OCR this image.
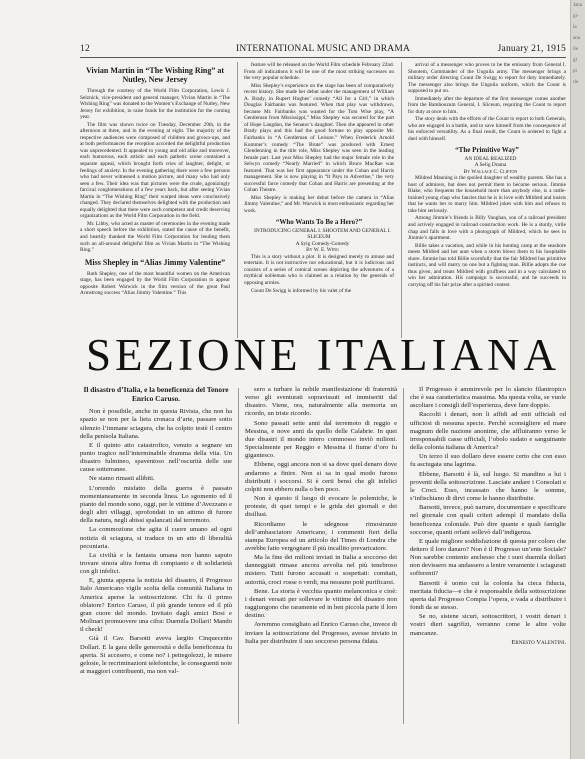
12	INTERNATIONAL MUSIC AND DRAMA	January 21, 1915
Vivian Martin in “The Wishing Ring” at Nutley, New Jersey

Through the courtesy of the World Film Corporation, Lewis J. Selznick, vice-president and general manager, Vivian Martin in “The Wishing Ring” was donated to the Women’s Exchange of Nutley, New Jersey for exhibition, to raise funds for the institution for the coming year.

The film was shown twice on Tuesday, December 29th, in the afternoon at three, and in the evening at eight. The majority of the respective audiences were composed of children and grown-ups, and at both performances the reception accorded the delightful production was unprecedented. It appealed to young and old alike and moreover, each humorous, each artistic and each pathetic scene contained a separate appeal, which brought forth cries of laughter, delight, or feelings of anxiety. In the evening gathering there were a few persons who had never witnessed a motion picture, and many who had only seen a few. Their idea was that pictures were the crude, agonizingly farcical conglomerations of a few years back, but after seeing Vivian Martin in “The Wishing Ring” their warped ideas were conclusively changed. They declared themselves delighted with the production and equally delighted that there were such competent and credit deserving organizations as the World Film Corporation in the field.

Mr. Libby, who acted as master of ceremonies in the evening made a short speech before the exhibition, stated the cause of the benefit, and heartily thanked the World Film Corporation for lending them such an all-around delightful film as Vivian Martin in “The Wishing Ring.”

Miss Shepley in “Alias Jimmy Valentine”

Ruth Shepley, one of the most beautiful women on the American stage, has been engaged by the World Film Corporation to appear opposite Robert Warwick in the film version of the great Paul Armstrong success “Alias Jimmy Valentine.” This

feature will be released on the World Film schedule February 22nd. From all indications it will be one of the most striking successes on the very popular schedule.

Miss Shepley’s experience on the stage has been of comparatively recent history. She made her debut under the management of William A. Brady, in Rupert Hughes’ comedy “All for a Girl,” in which Douglas Fairbanks was featured. When that play was withdrawn, because Mr. Fairbanks was wanted for the Tom Wise play, “A Gentleman from Mississippi,” Miss Shepley was secured for the part of Hope Langdon, the Senator’s daughter. Then she appeared in other Brady plays and this had the good fortune to play opposite Mr. Fairbanks in “A Gentleman of Leisure.” When Frederick Arnold Kummer’s comedy “The Brute” was produced with Ernest Glendenning in the title role, Miss Shepley was seen in the leading female part. Last year Miss Shepley had the major female role in the Selwyn comedy “Nearly Married” in which Bruce MacRae was featured. That was her first appearance under the Cohan and Harris management. She is now playing in “It Pays to Advertise,” the very successful farce comedy that Cohan and Harris are presenting at the Cohan Theatre.

Miss Shepley is making her debut before the camera in “Alias Jimmy Valentine,” and Mr. Warwick is most enthusiastic regarding her work.

“Who Wants To Be a Hero?”

INTRODUCING GENERAL I. SHOOTEM AND GENERAL I. SLICEUM

A Sylg Comedy-Comedy

By W. E. Wing

This is a story without a plot. It is designed merely to amuse and entertain. It is not instructive nor educational, but it is ludicrous and consists of a series of comical scenes depicting the adventures of a mythical nobleman who is claimed as a relation by the generals of opposing armies.

Count De Swigg is informed by his valet of the

arrival of a messenger who proves to be the emissary from General I. Shootem, Commander of the Unguila army. The messenger brings a military order directing Count De Swigg to report for duty immediately. The messenger also brings the Unguila uniform, which the Count is supposed to put on.

Immediately after the departure of the first messenger comes another from the Bamboozum General, I. Sliceum, requiring the Count to report for duty at once to him.

The story deals with the efforts of the Count to report to both Generals, who are engaged in a battle, and to save himself from the consequence of his enforced versatility. As a final result, the Count is ordered to fight a duel with himself.

“The Primitive Way”

AN IDEAL REALIZED

A Selig Drama

By Wallace C. Clifton

Mildred Manning is the spoiled daughter of wealthy parents. She has a host of admirers, but does not permit them to become serious. Jimmie Blake, who frequents the household more than anybody else, is a rattle-brained young chap who fancies that he is in love with Mildred and insists that he wants her to marry him. Mildred jokes with him and refuses to take him seriously.

Among Jimmie’s friends is Billy Vaughan, son of a railroad president and actively engaged in railroad construction work. He is a sturdy, virile chap and falls in love with a photograph of Mildred, which he sees in Jimmie’s apartment.

Billie takes a vacation, and while in his hunting camp at the seashore meets Mildred and her aunt when a storm blows them to his hospitable shore. Jimmie has told Billie scornfully that the fair Mildred has primitive instincts, and will marry no one but a fighting man. Billie adopts the cue thus given, and treats Mildred with gruffness and in a way calculated to win her admiration. His campaign is successful, and he succeeds in carrying off his fair prize after a spirited contest.

SEZIONE ITALIANA
Il disastro d’Italia, e la beneficenza del Tenore Enrico Caruso.

Non è possibile, anche in questa Rivista, che non ha spazio se non per la lieta cronaca d’arte, passare sotto silenzio l’immane sciagura, che ha colpito testè il centro della penisola Italiana.

E il quinto atto catastrofico, venuto a segnare un punto tragico nell’interminabile dramma della vita. Un disastro fulmineo, spaventoso nell’oscurità delle sue cause sotterranee.

Ne siamo rimasti allibiti.

L’orrendo misfatto della guerra è passato momentaneamente in seconda linea. Lo sgomento ed il pianto del mondo sono, oggi, per le vittime d’Avezzano e degli altri villaggi, sprofondati in un attimo di furore della natura, negli abissi spalancati dal terremoto.

La commozione che agita il cuore umano ad ogni notizia di sciagura, si traduce in un atto di liberalità pecuniaria.

La civiltà e la fantasia umana non hanno saputo trovare sinora altra forma di compianto e di solidarietà con gli infelici.

E, giunta appena la notizia del disastro, il Progresso Italo Americano vigile scolta della comunità Italiana in America aperse la sottoscrizione. Chi fu il primo oblatore? Enrico Caruso, il più grande tenore ed il più gran cuore del mondo. Invitato dagli amici Bosi e Molinari promuovere una cifra: Duemila Dollari! Mando il check!

Già il Cav. Barsotti aveva largito Cinquecento Dollari. E la gara delle generosità e della beneficenza fu aperta. Si accesero, e come no? i pettegolezzi, le misere gelosie, le recriminazioni telefoniche, le conseguenti noie ai maggiori contribuenti, ma non val-

sero a turbare la nobile manifestazione di fraternità verso gli sventurati sopravissuti ed immiseriti dal disastro. Viene, ora, naturalmente alla memoria un ricordo, un triste ricordo.

Sono passati sette anni dal terremoto di reggio e Messina, e nove anni da quello delle Calabrie. In quei due disastri il mondo intero commosso inviò milioni. Specialmente per Reggio e Messina il fiume d’oro fu gigantesco.

Ebbene, oggi ancora non si sa dove quel denaro dove andarono a finire. Non si sa in qual modo furono distribuiti i soccorsi. Si è certi bensì che gli infelici colpiti non ebbero nulla o ben poco.

Non è questo il luogo di evocare le polemiche, le proteste, di quei tempi e le grida dei giornali e dei disillusi.

Ricordiamo le sdegnose rimostranze dell’ambasciatore Americano, i commenti fieri della stampa Europea ed un articolo del Times di Londra che avrebbe fatto vergognare il più incallito prevaricatore.

Ma la fine dei milioni inviati in Italia a soccorso dei danneggiati rimase ancora avvolta nel più tenebroso mistero. Tutti furono accusati o sospettati: comitati, autorità, croci rosse o verdi, ma nessuno potè purificarsi.

Bene. La storia è vecchia quanto melanconica e cioè: i denari versati per sollevare le vittime del disastro non raggiungono che raramente ed in ben piccola parte il loro destino.

Avremmo consigliato ad Enrico Caruso che, invece di inviare la sottoscrizione del Progresso, avesse inviato in Italia per distribuire il suo soccorso persona fidata.

Il Progresso è ammirevole per lo slancio filantropico che è sua caratteristica massima. Ma questa volta, se vuole ascoltare i consigli dell’esperienza, deve fare doppio.

Raccolti i denari, non li affidi ad enti ufficiali od ufficiosi di nessuna specie. Perchè sconsigliere ed mare magnum delle nazione anonime, che affluiranno verso le irresponsabili casse ufficiali, l’obolo sudato e sanguinante della colonia italiana di America?

Un terzo il suo dollaro deve essere certo che con esso fu asciugata una lagrima.

Ebbene, Barsotti è là, sul luogo. Si mandino a lui i proventi della sottoscrizione. Lasciate andare i Consolati e le Croci. Esso, incassato che hanno le somme, s’infischiano di dirvi come le hanno distribuite.

Barsotti, invece, può narrare, documentare e specificare nel giornale con quali criteri adempì il mandato della beneficenza coloniale. Può dire quante e quali famiglie soccorse, quanti orfani sollevò dall’indigenza.

E quale migliore soddisfazione di questa per coloro che dettero il loro danaro? Non è il Progresso un’ente Sociale? Non sarebbe contento anchesso che i suoi duemila dollari non devissero ma andassero a lenire veramente i sciagurati sofferenti?

Barsotti è uomo cui la colonia ha cieca fiducia, meritata fiducia—e che è responsabile della sottoscrizione aperta dal Progresso Compia l’opera, e vada a distribuire i fondi da se stesso.

Se no, sistene sicuri, sottoscrittori, i vostri denari i vostri dieri sagrifizi, verranno come le altre volte mancanze.

Ernesto Valentini.

Janu
gi-
la
ana
lle
gl
pi
rie
